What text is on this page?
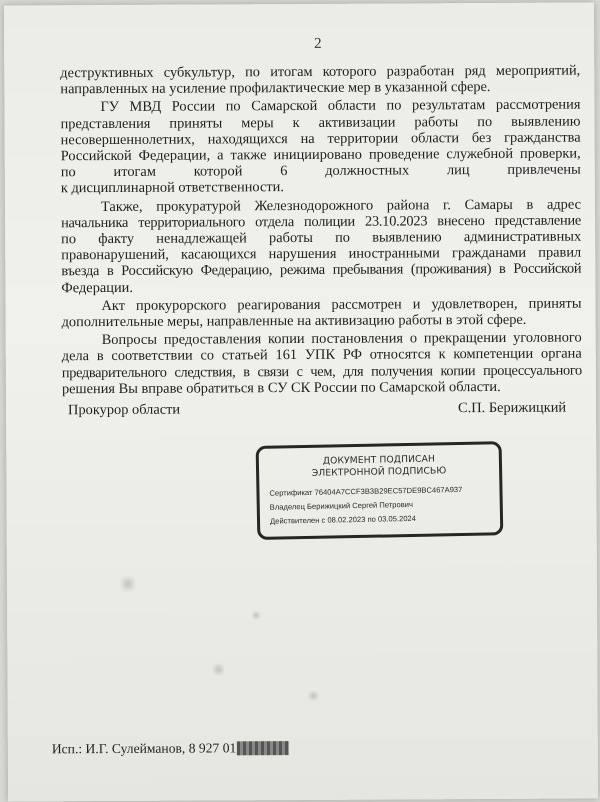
2
деструктивных субкультур, по итогам которого разработан ряд мероприятий,
направленных на усиление профилактические мер в указанной сфере.
ГУ МВД России по Самарской области по результатам рассмотрения
представления приняты меры к активизации работы по выявлению
несовершеннолетних, находящихся на территории области без гражданства
Российской Федерации, а также инициировано проведение служебной проверки,
по итогам которой 6 должностных лиц привлечены
к дисциплинарной ответственности.
Также, прокуратурой Железнодорожного района г. Самары в адрес
начальника территориального отдела полиции 23.10.2023 внесено представление
по факту ненадлежащей работы по выявлению административных
правонарушений, касающихся нарушения иностранными гражданами правил
въезда в Российскую Федерацию, режима пребывания (проживания) в Российской
Федерации.
Акт прокурорского реагирования рассмотрен и удовлетворен, приняты
дополнительные меры, направленные на активизацию работы в этой сфере.
Вопросы предоставления копии постановления о прекращении уголовного
дела в соответствии со статьей 161 УПК РФ относятся к компетенции органа
предварительного следствия, в связи с чем, для получения копии процессуального
решения Вы вправе обратиться в СУ СК России по Самарской области.
Прокурор области	С.П. Берижицкий
ДОКУМЕНТ ПОДПИСАН
ЭЛЕКТРОННОЙ ПОДПИСЬЮ
Сертификат 76404A7CCF3B3B29EC57DE9BC467A937
Владелец Берижицкий Сергей Петрович
Действителен с 08.02.2023 по 03.05.2024
Исп.: И.Г. Сулейманов, 8 927 01
